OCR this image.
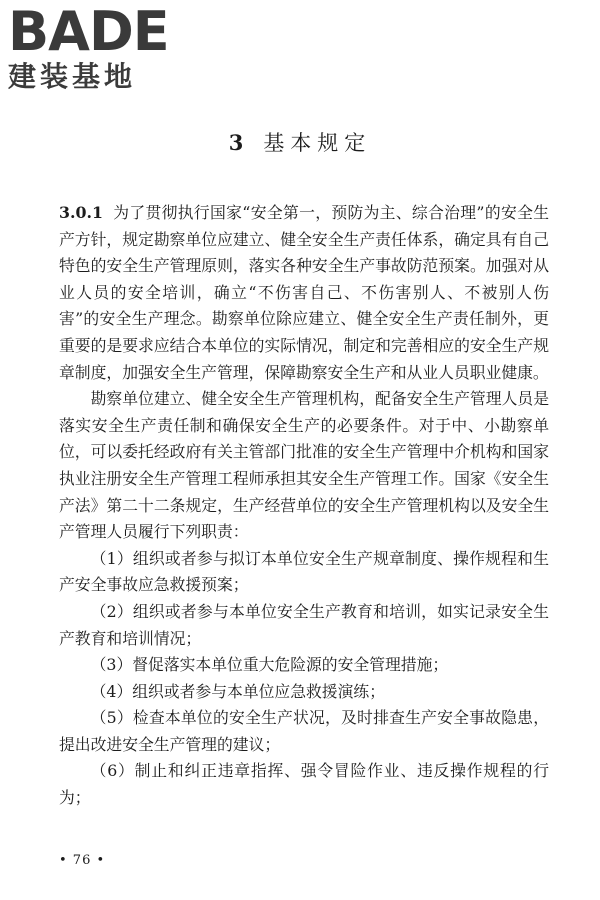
BADE
建装基地
3 基本规定

3.0.1 为了贯彻执行国家“安全第一，预防为主、综合治理”的安全生产方针，规定勘察单位应建立、健全安全生产责任体系，确定具有自己特色的安全生产管理原则，落实各种安全生产事故防范预案。加强对从业人员的安全培训，确立“不伤害自己、不伤害别人、不被别人伤害”的安全生产理念。勘察单位除应建立、健全安全生产责任制外，更重要的是要求应结合本单位的实际情况，制定和完善相应的安全生产规章制度，加强安全生产管理，保障勘察安全生产和从业人员职业健康。

勘察单位建立、健全安全生产管理机构，配备安全生产管理人员是落实安全生产责任制和确保安全生产的必要条件。对于中、小勘察单位，可以委托经政府有关主管部门批准的安全生产管理中介机构和国家执业注册安全生产管理工程师承担其安全生产管理工作。国家《安全生产法》第二十二条规定，生产经营单位的安全生产管理机构以及安全生产管理人员履行下列职责：

（1）组织或者参与拟订本单位安全生产规章制度、操作规程和生产安全事故应急救援预案；

（2）组织或者参与本单位安全生产教育和培训，如实记录安全生产教育和培训情况；

（3）督促落实本单位重大危险源的安全管理措施；

（4）组织或者参与本单位应急救援演练；

（5）检查本单位的安全生产状况，及时排查生产安全事故隐患，提出改进安全生产管理的建议；

（6）制止和纠正违章指挥、强令冒险作业、违反操作规程的行为；

• 76 •
